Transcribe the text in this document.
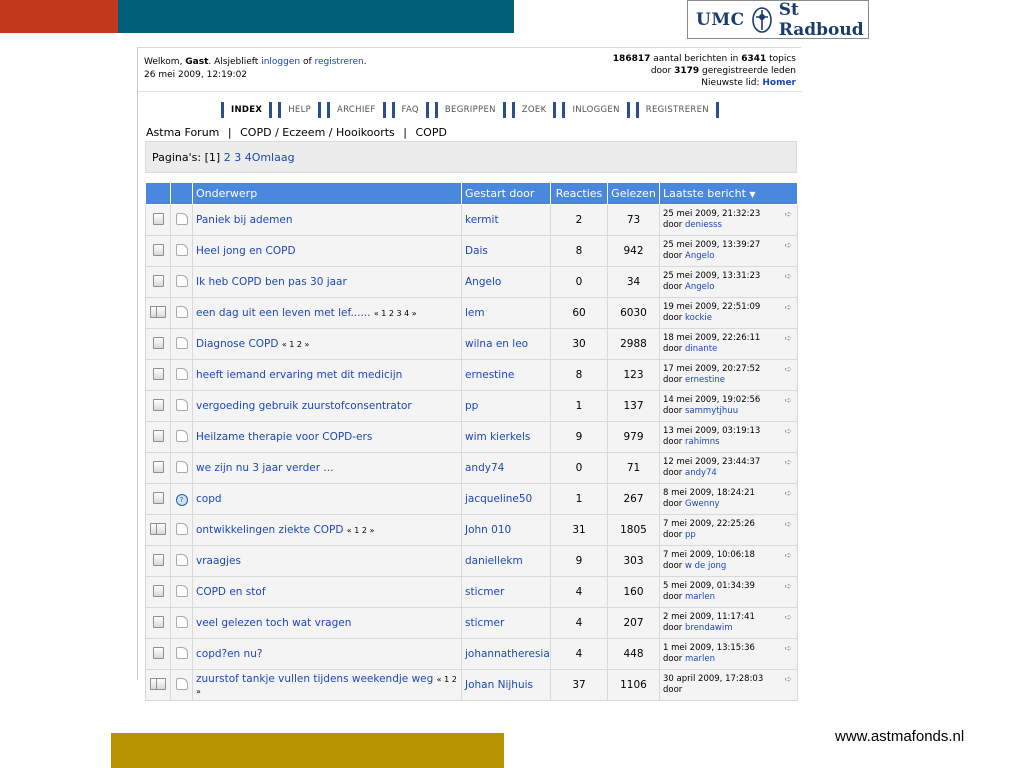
UMC St Radboud
www.astmafonds.nl
Welkom, Gast. Alsjeblieft inloggen of registreren.
26 mei 2009, 12:19:02
186817 aantal berichten in 6341 topics
door 3179 geregistreerde leden
Nieuwste lid: Homer
INDEX	HELP	ARCHIEF	FAQ	BEGRIPPEN	ZOEK	INLOGGEN	REGISTREREN
Astma Forum | COPD / Eczeem / Hooikoorts | COPD
Pagina's: [1] 2 3 4Omlaag
		Onderwerp	Gestart door	Reacties	Gelezen	Laatste bericht ▼
		Paniek bij ademen	kermit	2	73	25 mei 2009, 21:32:23
door deniesss
➪

		Heel jong en COPD	Dais	8	942	25 mei 2009, 13:39:27
door Angelo
➪

		Ik heb COPD ben pas 30 jaar	Angelo	0	34	25 mei 2009, 13:31:23
door Angelo
➪

		een dag uit een leven met lef...... « 1 2 3 4 »	lem	60	6030	19 mei 2009, 22:51:09
door kockie
➪

		Diagnose COPD « 1 2 »	wilna en leo	30	2988	18 mei 2009, 22:26:11
door dinante
➪

		heeft iemand ervaring met dit medicijn	ernestine	8	123	17 mei 2009, 20:27:52
door ernestine
➪

		vergoeding gebruik zuurstofconsentrator	pp	1	137	14 mei 2009, 19:02:56
door sammytjhuu
➪

		Heilzame therapie voor COPD-ers	wim kierkels	9	979	13 mei 2009, 03:19:13
door rahimns
➪

		we zijn nu 3 jaar verder ...	andy74	0	71	12 mei 2009, 23:44:37
door andy74
➪

	?	copd	jacqueline50	1	267	8 mei 2009, 18:24:21
door Gwenny
➪

		ontwikkelingen ziekte COPD « 1 2 »	John 010	31	1805	7 mei 2009, 22:25:26
door pp
➪

		vraagjes	daniellekm	9	303	7 mei 2009, 10:06:18
door w de jong
➪

		COPD en stof	sticmer	4	160	5 mei 2009, 01:34:39
door marlen
➪

		veel gelezen toch wat vragen	sticmer	4	207	2 mei 2009, 11:17:41
door brendawim
➪

		copd?en nu?	johannatheresia	4	448	1 mei 2009, 13:15:36
door marlen
➪

		zuurstof tankje vullen tijdens weekendje weg « 1 2 »	Johan Nijhuis	37	1106	30 april 2009, 17:28:03
door
➪
